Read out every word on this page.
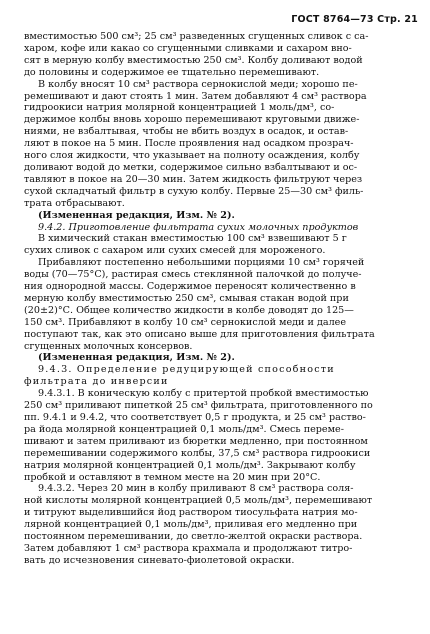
ГОСТ 8764—73 Стр. 21
вместимостью 500 см³; 25 см³ разведенных сгущенных сливок с са-
харом, кофе или какао со сгущенными сливками и сахаром вно-
сят в мерную колбу вместимостью 250 см³. Колбу доливают водой
до половины и содержимое ее тщательно перемешивают.
В колбу вносят 10 см³ раствора сернокислой меди; хорошо пе-
ремешивают и дают стоять 1 мин. Затем добавляют 4 см³ раствора
гидроокиси натрия молярной концентрацией 1 моль/дм³, со-
держимое колбы вновь хорошо перемешивают круговыми движе-
ниями, не взбалтывая, чтобы не вбить воздух в осадок, и остав-
ляют в покое на 5 мин. После проявления над осадком прозрач-
ного слоя жидкости, что указывает на полноту осаждения, колбу
доливают водой до метки, содержимое сильно взбалтывают и ос-
тавляют в покое на 20—30 мин. Затем жидкость фильтруют через
сухой складчатый фильтр в сухую колбу. Первые 25—30 см³ филь-
трата отбрасывают.
(Измененная редакция, Изм. № 2).
9.4.2. Приготовление фильтрата сухих молочных продуктов
В химический стакан вместимостью 100 см³ взвешивают 5 г
сухих сливок с сахаром или сухих смесей для мороженого.
Прибавляют постепенно небольшими порциями 10 см³ горячей
воды (70—75°С), растирая смесь стеклянной палочкой до получе-
ния однородной массы. Содержимое переносят количественно в
мерную колбу вместимостью 250 см³, смывая стакан водой при
(20±2)°С. Общее количество жидкости в колбе доводят до 125—
150 см³. Прибавляют в колбу 10 см³ сернокислой меди и далее
поступают так, как это описано выше для приготовления фильтрата
сгущенных молочных консервов.
(Измененная редакция, Изм. № 2).
9.4.3. Определение редуцирующей способности
фильтрата до инверсии
9.4.3.1. В коническую колбу с притертой пробкой вместимостью
250 см³ приливают пипеткой 25 см³ фильтрата, приготовленного по
пп. 9.4.1 и 9.4.2, что соответствует 0,5 г продукта, и 25 см³ раство-
ра йода молярной концентрацией 0,1 моль/дм³. Смесь переме-
шивают и затем приливают из бюретки медленно, при постоянном
перемешивании содержимого колбы, 37,5 см³ раствора гидроокиси
натрия молярной концентрацией 0,1 моль/дм³. Закрывают колбу
пробкой и оставляют в темном месте на 20 мин при 20°С.
9.4.3.2. Через 20 мин в колбу приливают 8 см³ раствора соля-
ной кислоты молярной концентрацией 0,5 моль/дм³, перемешивают
и титруют выделившийся йод раствором тиосульфата натрия мо-
лярной концентрацией 0,1 моль/дм³, приливая его медленно при
постоянном перемешивании, до светло-желтой окраски раствора.
Затем добавляют 1 см³ раствора крахмала и продолжают титро-
вать до исчезновения синевато-фиолетовой окраски.
